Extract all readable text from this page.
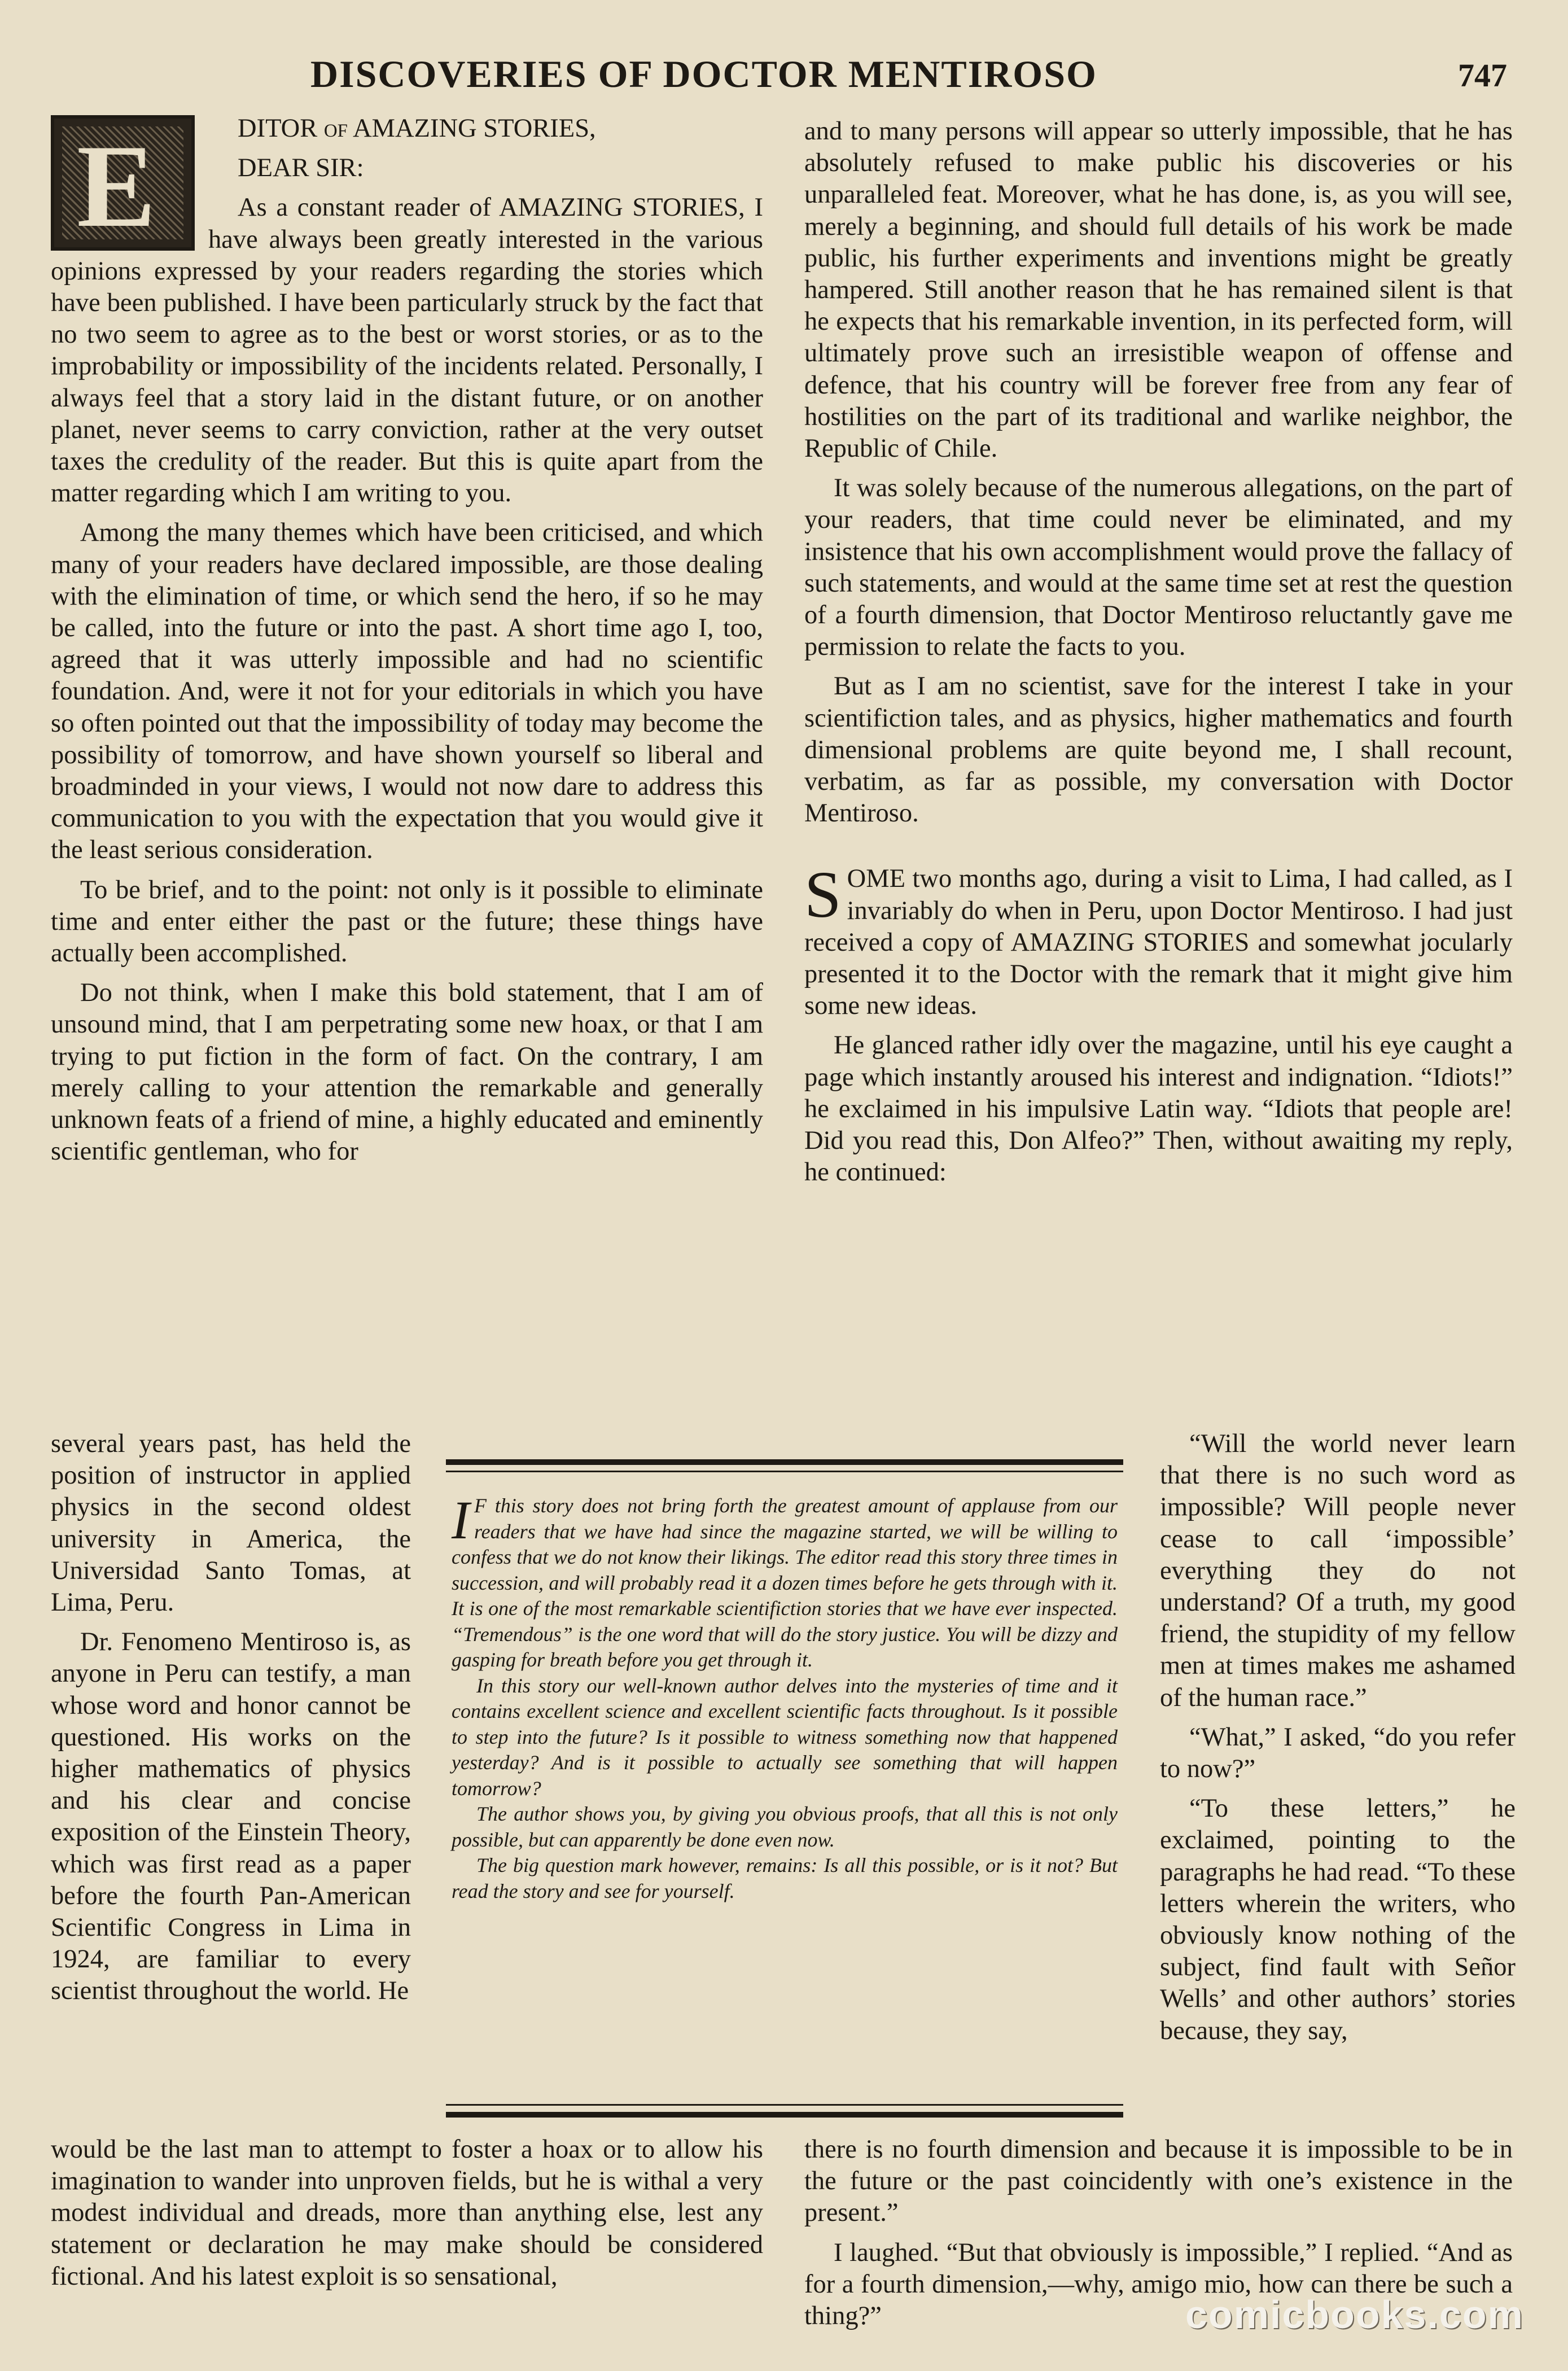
DISCOVERIES OF DOCTOR MENTIROSO	747
E	DITOR of AMAZING STORIES,

DEAR SIR:

As a constant reader of AMAZING STORIES, I have always been greatly interested in the various opinions expressed by your readers regarding the stories which have been published. I have been particularly struck by the fact that no two seem to agree as to the best or worst stories, or as to the improbability or impossibility of the incidents related. Personally, I always feel that a story laid in the distant future, or on another planet, never seems to carry conviction, rather at the very outset taxes the credulity of the reader. But this is quite apart from the matter regarding which I am writing to you.

Among the many themes which have been criticised, and which many of your readers have declared impossible, are those dealing with the elimination of time, or which send the hero, if so he may be called, into the future or into the past. A short time ago I, too, agreed that it was utterly impossible and had no scientific foundation. And, were it not for your editorials in which you have so often pointed out that the impossibility of today may become the possibility of tomorrow, and have shown yourself so liberal and broadminded in your views, I would not now dare to address this communication to you with the expectation that you would give it the least serious consideration.

To be brief, and to the point: not only is it possible to eliminate time and enter either the past or the future; these things have actually been accomplished.

Do not think, when I make this bold statement, that I am of unsound mind, that I am perpetrating some new hoax, or that I am trying to put fiction in the form of fact. On the contrary, I am merely calling to your attention the remarkable and generally unknown feats of a friend of mine, a highly educated and eminently scientific gentleman, who for

and to many persons will appear so utterly impossible, that he has absolutely refused to make public his discoveries or his unparalleled feat. Moreover, what he has done, is, as you will see, merely a beginning, and should full details of his work be made public, his further experiments and inventions might be greatly hampered. Still another reason that he has remained silent is that he expects that his remarkable invention, in its perfected form, will ultimately prove such an irresistible weapon of offense and defence, that his country will be forever free from any fear of hostilities on the part of its traditional and warlike neighbor, the Republic of Chile.

It was solely because of the numerous allegations, on the part of your readers, that time could never be eliminated, and my insistence that his own accomplishment would prove the fallacy of such statements, and would at the same time set at rest the question of a fourth dimension, that Doctor Mentiroso reluctantly gave me permission to relate the facts to you.

But as I am no scientist, save for the interest I take in your scientifiction tales, and as physics, higher mathematics and fourth dimensional problems are quite beyond me, I shall recount, verbatim, as far as possible, my conversation with Doctor Mentiroso.

SOME two months ago, during a visit to Lima, I had called, as I invariably do when in Peru, upon Doctor Mentiroso. I had just received a copy of AMAZING STORIES and somewhat jocularly presented it to the Doctor with the remark that it might give him some new ideas.

He glanced rather idly over the magazine, until his eye caught a page which instantly aroused his interest and indignation. “Idiots!” he exclaimed in his impulsive Latin way. “Idiots that people are! Did you read this, Don Alfeo?” Then, without awaiting my reply, he continued:

several years past, has held the position of instructor in applied physics in the second oldest university in America, the Universidad Santo Tomas, at Lima, Peru.

Dr. Fenomeno Mentiroso is, as anyone in Peru can testify, a man whose word and honor cannot be questioned. His works on the higher mathematics of physics and his clear and concise exposition of the Einstein Theory, which was first read as a paper before the fourth Pan-American Scientific Congress in Lima in 1924, are familiar to every scientist throughout the world. He

I F this story does not bring forth the greatest amount of applause from our readers that we have had since the magazine started, we will be willing to confess that we do not know their likings. The editor read this story three times in succession, and will probably read it a dozen times before he gets through with it. It is one of the most remarkable scientifiction stories that we have ever inspected. “Tremendous” is the one word that will do the story justice. You will be dizzy and gasping for breath before you get through it.

In this story our well-known author delves into the mysteries of time and it contains excellent science and excellent scientific facts throughout. Is it possible to step into the future? Is it possible to witness something now that happened yesterday? And is it possible to actually see something that will happen tomorrow?

The author shows you, by giving you obvious proofs, that all this is not only possible, but can apparently be done even now.

The big question mark however, remains: Is all this possible, or is it not? But read the story and see for yourself.

“Will the world never learn that there is no such word as impossible? Will people never cease to call ‘impossible’ everything they do not understand? Of a truth, my good friend, the stupidity of my fellow men at times makes me ashamed of the human race.”

“What,” I asked, “do you refer to now?”

“To these letters,” he exclaimed, pointing to the paragraphs he had read. “To these letters wherein the writers, who obviously know nothing of the subject, find fault with Señor Wells’ and other authors’ stories because, they say,

would be the last man to attempt to foster a hoax or to allow his imagination to wander into unproven fields, but he is withal a very modest individual and dreads, more than anything else, lest any statement or declaration he may make should be considered fictional. And his latest exploit is so sensational,

there is no fourth dimension and because it is impossible to be in the future or the past coincidently with one’s existence in the present.”

I laughed. “But that obviously is impossible,” I replied. “And as for a fourth dimension,—why, amigo mio, how can there be such a thing?”	comicbooks.com
